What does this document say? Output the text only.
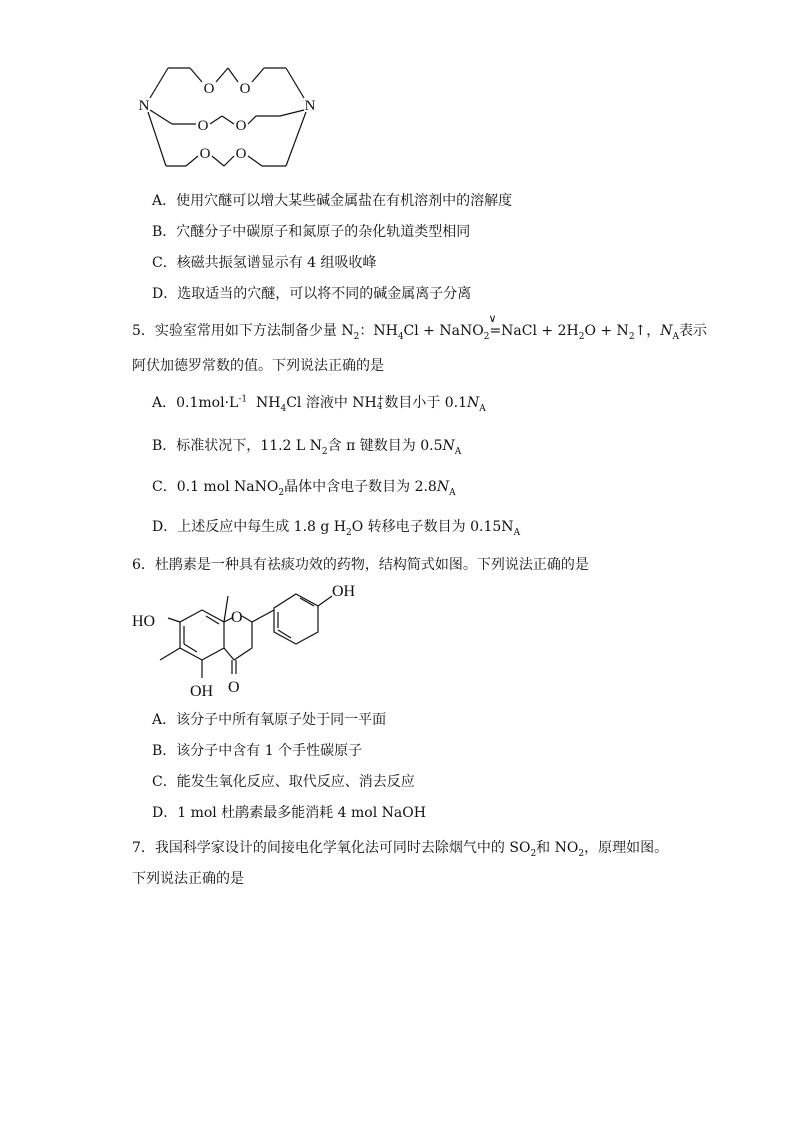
N	N
O O
O O
O O
A．使用穴醚可以增大某些碱金属盐在有机溶剂中的溶解度
B．穴醚分子中碳原子和氮原子的杂化轨道类型相同
C．核磁共振氢谱显示有 4 组吸收峰
D．选取适当的穴醚，可以将不同的碱金属离子分离
5．实验室常用如下方法制备少量 $N_2$：$NH_4Cl$ + NaNO$_2$
∨
=NaCl + $2H_2O$ + $N_2↑$，$N_A$表示
阿伏加德罗常数的值。下列说法正确的是
A．$0.1mol\cdot L^{-1}$ $NH_4Cl$ 溶液中 NH +
4 数目小于 $0.1N_A$
B．标准状况下，11.2 L $N_2$含 π 键数目为 $0.5N_A$
C．0.1 mol NaNO$_2$晶体中含电子数目为 $2.8N_A$
D．上述反应中每生成 1.8 g $H_2O$ 转移电子数目为 $0.15N_A$
6．杜鹃素是一种具有祛痰功效的药物，结构简式如图。下列说法正确的是
OH
HO
OH
O
O
A．该分子中所有氧原子处于同一平面
B．该分子中含有 1 个手性碳原子
C．能发生氧化反应、取代反应、消去反应
D．1 mol 杜鹃素最多能消耗 4 mol NaOH
7．我国科学家设计的间接电化学氧化法可同时去除烟气中的 $SO_2$和 $NO_2$，原理如图。
下列说法正确的是
